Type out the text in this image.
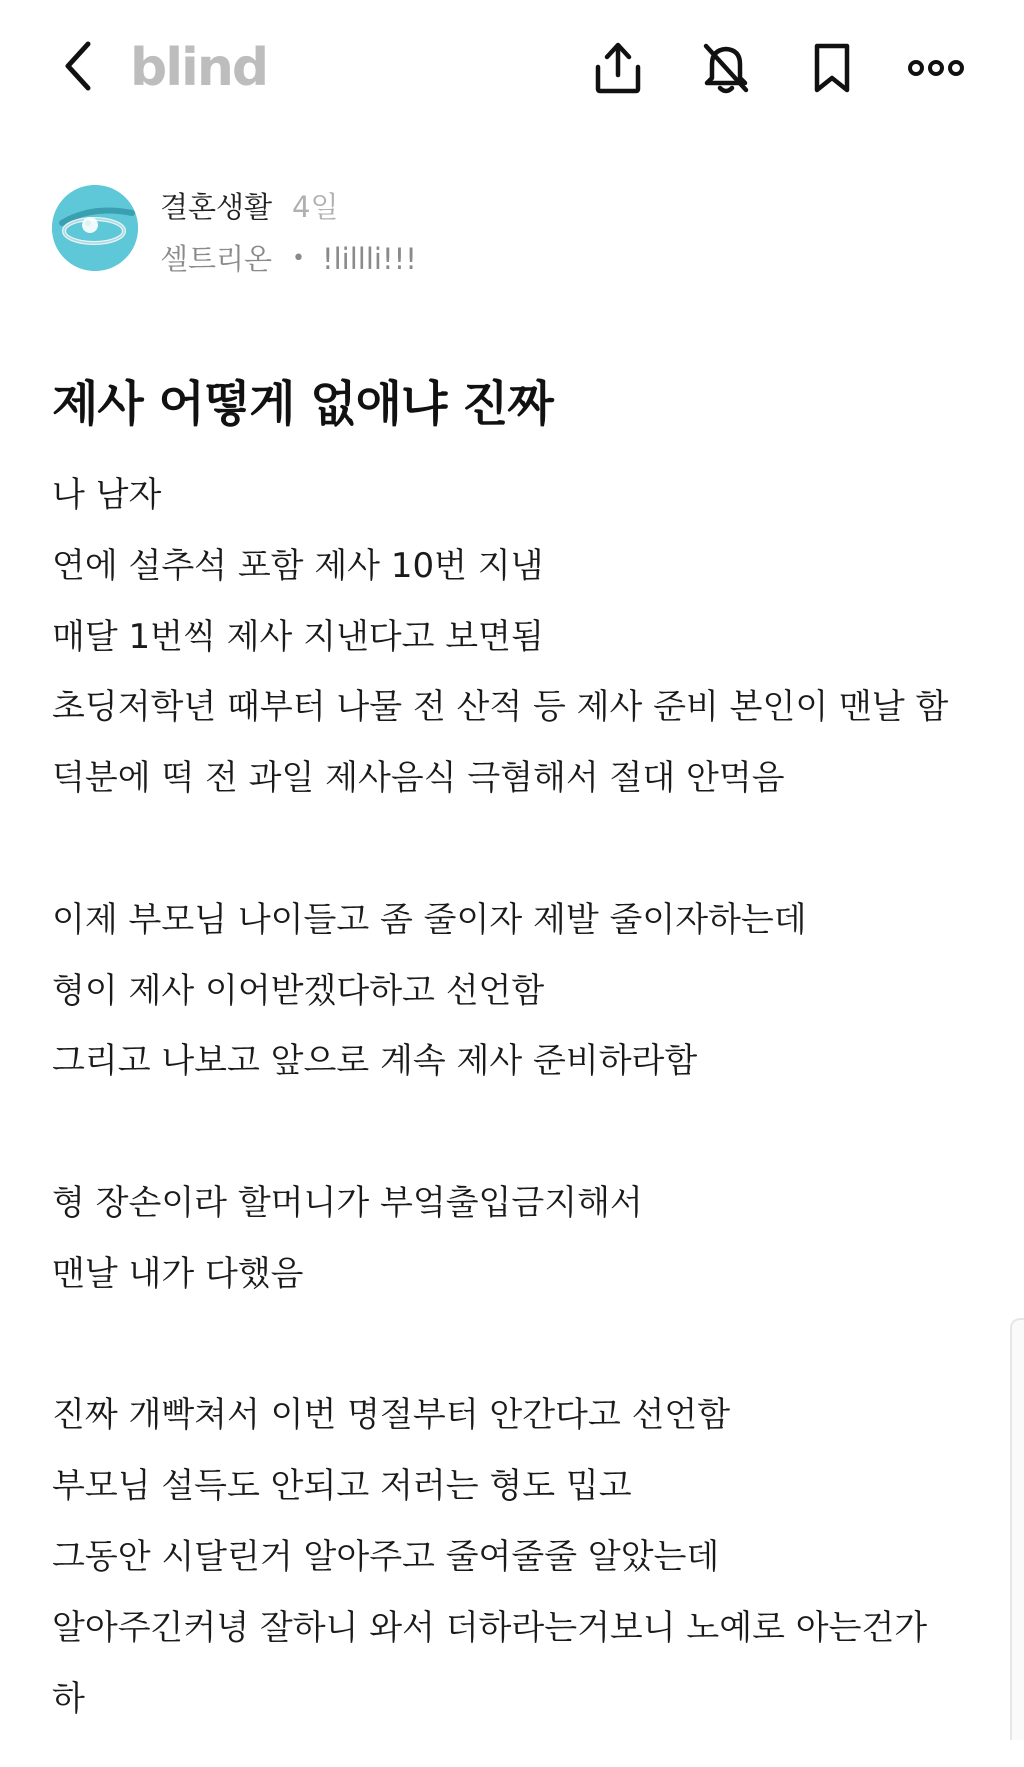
blind
결혼생활 4일
셀트리온 • !lillli!!!
제사 어떻게 없애냐 진짜
나 남자
연에 설추석 포함 제사 10번 지냄
매달 1번씩 제사 지낸다고 보면됨
초딩저학년 때부터 나물 전 산적 등 제사 준비 본인이 맨날 함
덕분에 떡 전 과일 제사음식 극혐해서 절대 안먹음
이제 부모님 나이들고 좀 줄이자 제발 줄이자하는데
형이 제사 이어받겠다하고 선언함
그리고 나보고 앞으로 계속 제사 준비하라함
형 장손이라 할머니가 부엌출입금지해서
맨날 내가 다했음
진짜 개빡쳐서 이번 명절부터 안간다고 선언함
부모님 설득도 안되고 저러는 형도 밉고
그동안 시달린거 알아주고 줄여줄줄 알았는데
알아주긴커녕 잘하니 와서 더하라는거보니 노예로 아는건가
하
